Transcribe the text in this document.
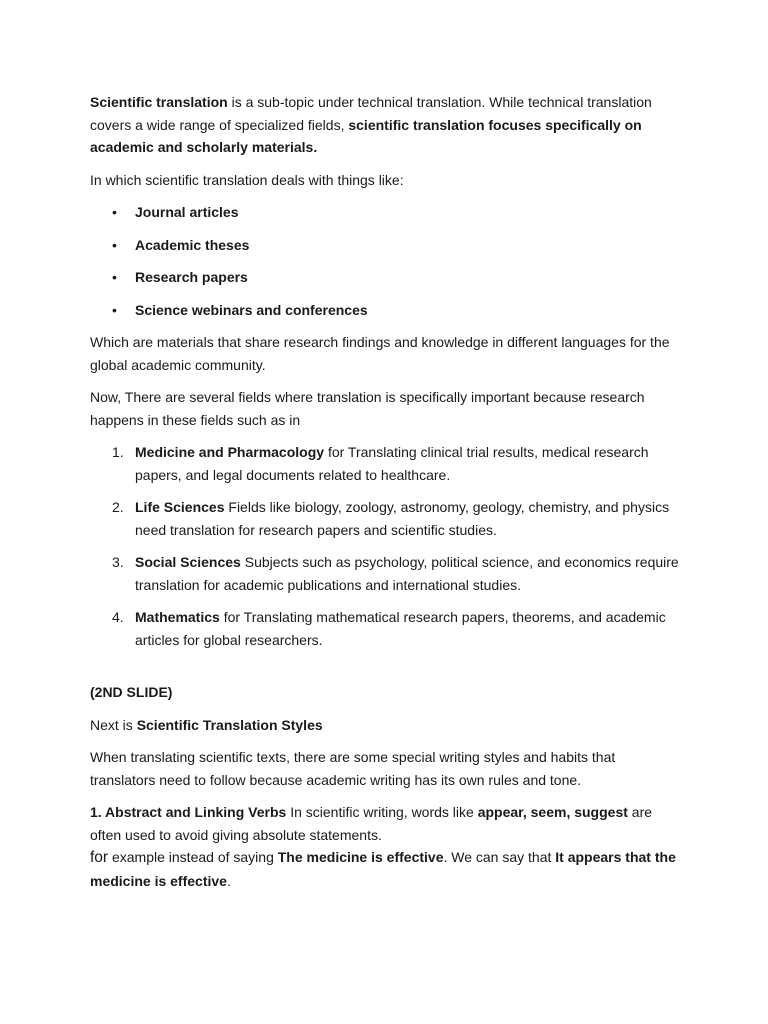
Scientific translation is a sub-topic under technical translation. While technical translation covers a wide range of specialized fields, scientific translation focuses specifically on academic and scholarly materials.

In which scientific translation deals with things like:

• Journal articles
• Academic theses
• Research papers
• Science webinars and conferences

Which are materials that share research findings and knowledge in different languages for the global academic community.

Now, There are several fields where translation is specifically important because research happens in these fields such as in

1. Medicine and Pharmacology for Translating clinical trial results, medical research papers, and legal documents related to healthcare.
2. Life Sciences Fields like biology, zoology, astronomy, geology, chemistry, and physics need translation for research papers and scientific studies.
3. Social Sciences Subjects such as psychology, political science, and economics require translation for academic publications and international studies.
4. Mathematics for Translating mathematical research papers, theorems, and academic articles for global researchers.

(2ND SLIDE)

Next is Scientific Translation Styles

When translating scientific texts, there are some special writing styles and habits that translators need to follow because academic writing has its own rules and tone.

1. Abstract and Linking Verbs In scientific writing, words like appear, seem, suggest are often used to avoid giving absolute statements.

for example instead of saying The medicine is effective. We can say that It appears that the medicine is effective.
